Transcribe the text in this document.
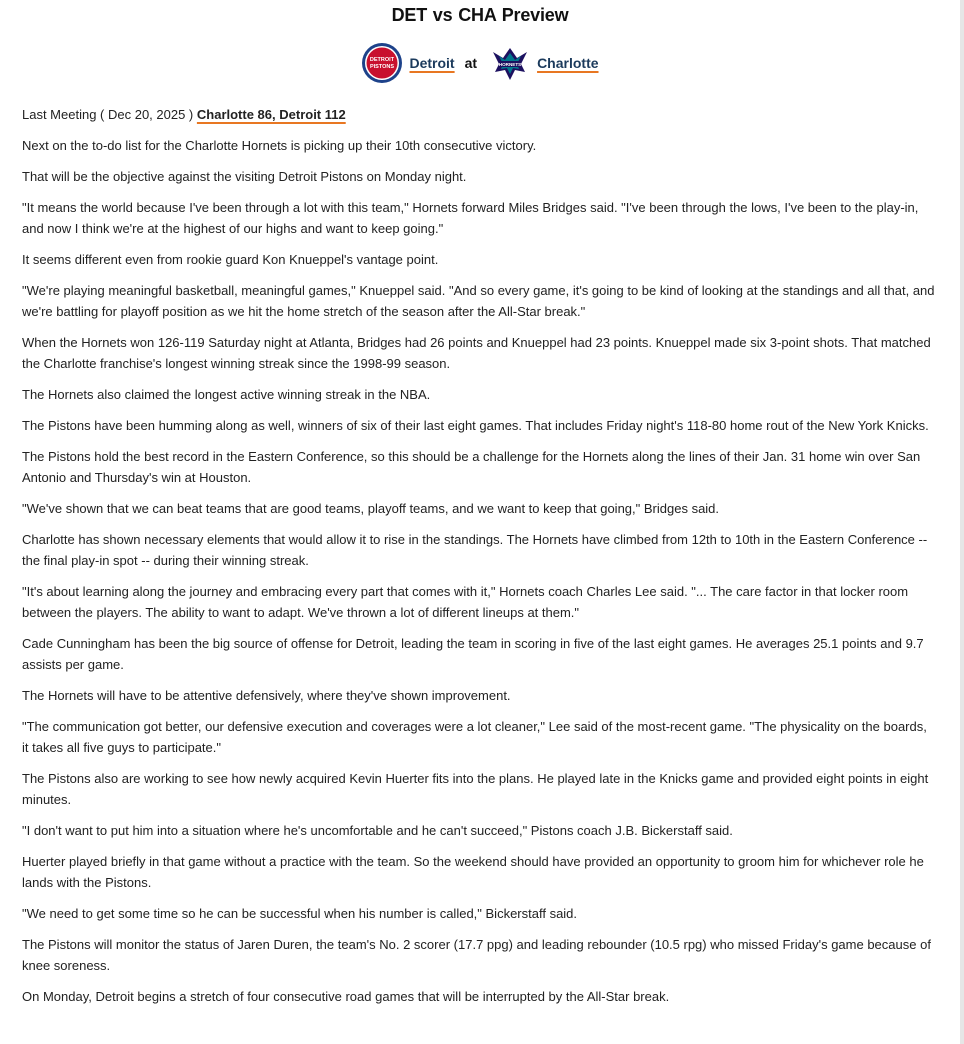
DET vs CHA Preview
DETROIT
PISTONS Detroit at	HORNETS Charlotte

Last Meeting ( Dec 20, 2025 ) Charlotte 86, Detroit 112

Next on the to-do list for the Charlotte Hornets is picking up their 10th consecutive victory.

That will be the objective against the visiting Detroit Pistons on Monday night.

"It means the world because I've been through a lot with this team," Hornets forward Miles Bridges said. "I've been through the lows, I've been to the play-in, and now I think we're at the highest of our highs and want to keep going."

It seems different even from rookie guard Kon Knueppel's vantage point.

"We're playing meaningful basketball, meaningful games," Knueppel said. "And so every game, it's going to be kind of looking at the standings and all that, and we're battling for playoff position as we hit the home stretch of the season after the All-Star break."

When the Hornets won 126-119 Saturday night at Atlanta, Bridges had 26 points and Knueppel had 23 points. Knueppel made six 3-point shots. That matched the Charlotte franchise's longest winning streak since the 1998-99 season.

The Hornets also claimed the longest active winning streak in the NBA.

The Pistons have been humming along as well, winners of six of their last eight games. That includes Friday night's 118-80 home rout of the New York Knicks.

The Pistons hold the best record in the Eastern Conference, so this should be a challenge for the Hornets along the lines of their Jan. 31 home win over San Antonio and Thursday's win at Houston.

"We've shown that we can beat teams that are good teams, playoff teams, and we want to keep that going," Bridges said.

Charlotte has shown necessary elements that would allow it to rise in the standings. The Hornets have climbed from 12th to 10th in the Eastern Conference -- the final play-in spot -- during their winning streak.

"It's about learning along the journey and embracing every part that comes with it," Hornets coach Charles Lee said. "... The care factor in that locker room between the players. The ability to want to adapt. We've thrown a lot of different lineups at them."

Cade Cunningham has been the big source of offense for Detroit, leading the team in scoring in five of the last eight games. He averages 25.1 points and 9.7 assists per game.

The Hornets will have to be attentive defensively, where they've shown improvement.

"The communication got better, our defensive execution and coverages were a lot cleaner," Lee said of the most-recent game. "The physicality on the boards, it takes all five guys to participate."

The Pistons also are working to see how newly acquired Kevin Huerter fits into the plans. He played late in the Knicks game and provided eight points in eight minutes.

"I don't want to put him into a situation where he's uncomfortable and he can't succeed," Pistons coach J.B. Bickerstaff said.

Huerter played briefly in that game without a practice with the team. So the weekend should have provided an opportunity to groom him for whichever role he lands with the Pistons.

"We need to get some time so he can be successful when his number is called," Bickerstaff said.

The Pistons will monitor the status of Jaren Duren, the team's No. 2 scorer (17.7 ppg) and leading rebounder (10.5 rpg) who missed Friday's game because of knee soreness.

On Monday, Detroit begins a stretch of four consecutive road games that will be interrupted by the All-Star break.
